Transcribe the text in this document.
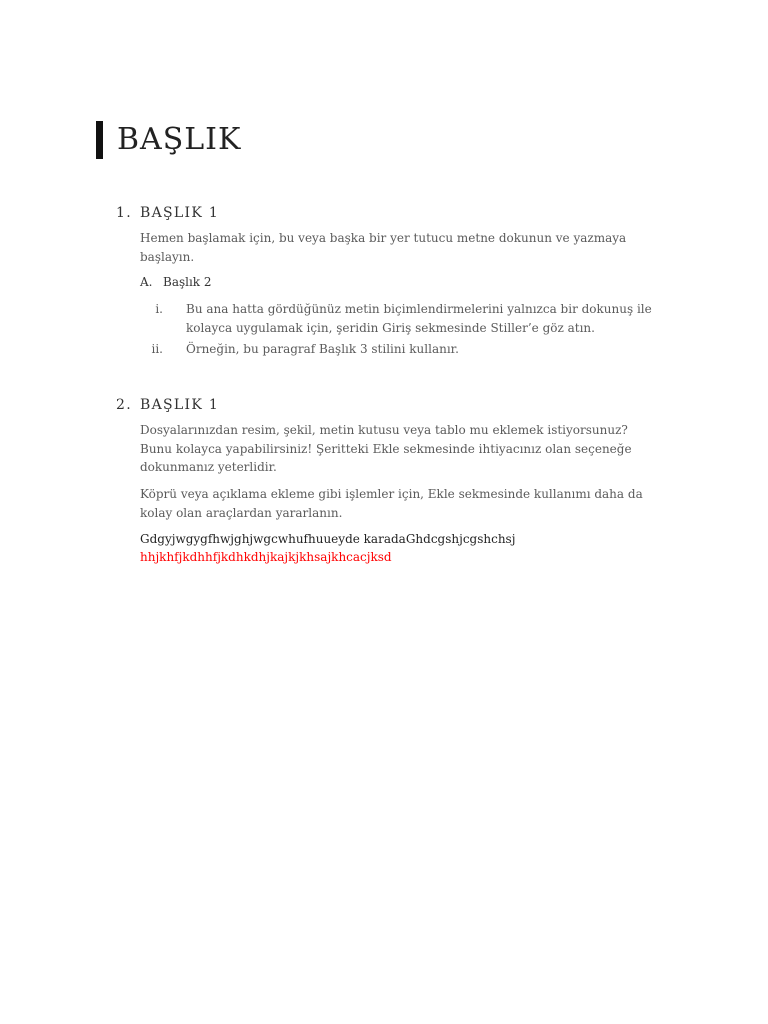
BAŞLIK
1. BAŞLIK 1
Hemen başlamak için, bu veya başka bir yer tutucu metne dokunun ve yazmaya başlayın.
A. Başlık 2
i. Bu ana hatta gördüğünüz metin biçimlendirmelerini yalnızca bir dokunuş ile kolayca uygulamak için, şeridin Giriş sekmesinde Stiller’e göz atın.
ii. Örneğin, bu paragraf Başlık 3 stilini kullanır.
2. BAŞLIK 1
Dosyalarınızdan resim, şekil, metin kutusu veya tablo mu eklemek istiyorsunuz? Bunu kolayca yapabilirsiniz! Şeritteki Ekle sekmesinde ihtiyacınız olan seçeneğe dokunmanız yeterlidir.
Köprü veya açıklama ekleme gibi işlemler için, Ekle sekmesinde kullanımı daha da kolay olan araçlardan yararlanın.
Gdgyjwgygfhwjghjwgcwhufhuueyde karadaGhdcgshjcgshchsj
hhjkhfjkdhhfjkdhkdhjkajkjkhsajkhcacjksd
